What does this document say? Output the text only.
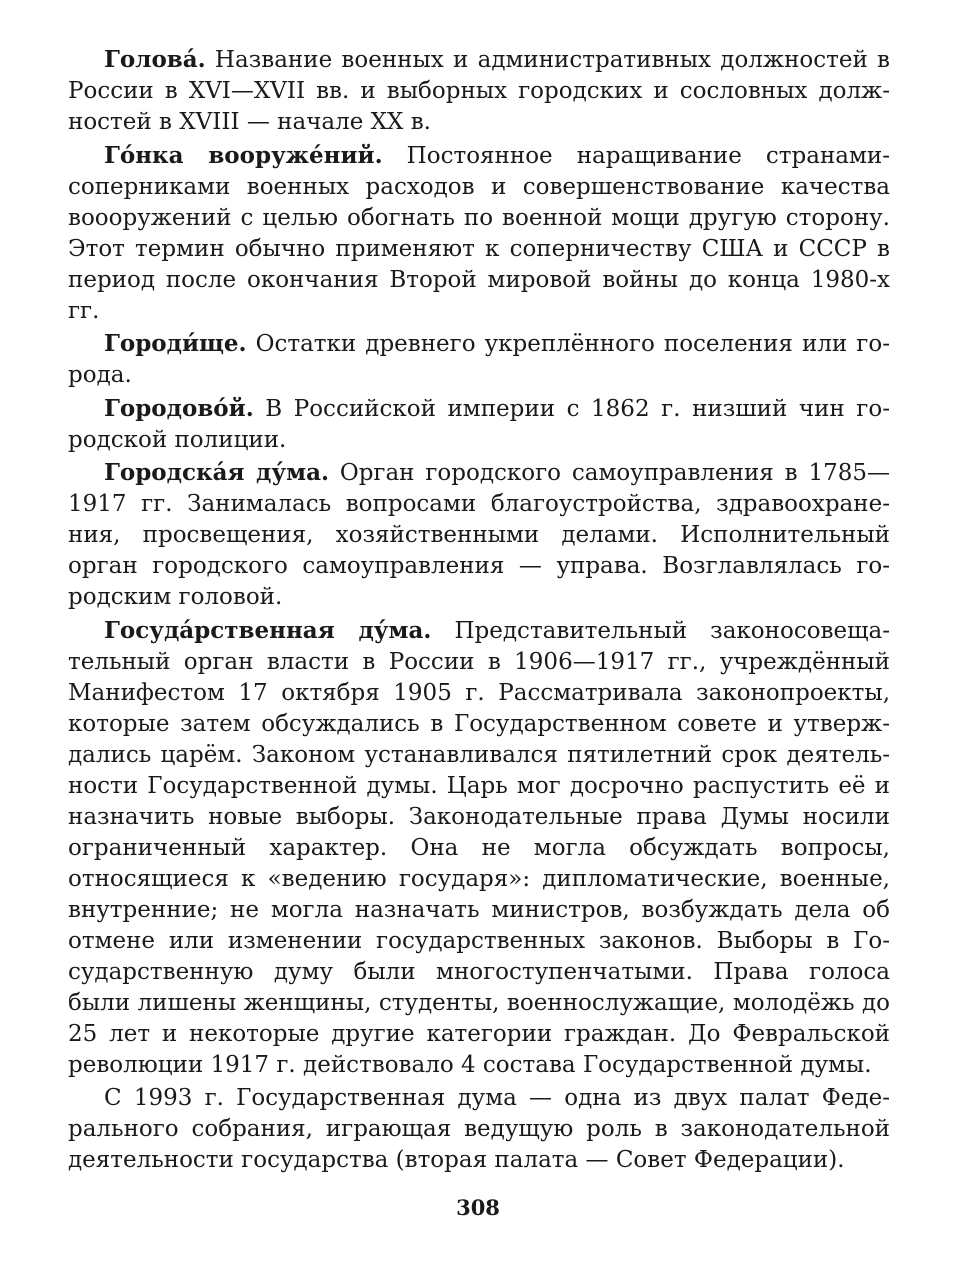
Голова́. Название военных и административных должностей в России в XVI—XVII вв. и выборных городских и сословных должностей в XVIII — начале XX в.

Го́нка вооруже́ний. Постоянное наращивание странами-соперниками военных расходов и совершенствование качества воооружений с целью обогнать по военной мощи другую сторону. Этот термин обычно применяют к соперничеству США и СССР в период после окончания Второй мировой войны до конца 1980-х гг.

Городи́ще. Остатки древнего укреплённого поселения или города.

Городово́й. В Российской империи с 1862 г. низший чин городской полиции.

Городска́я ду́ма. Орган городского самоуправления в 1785—1917 гг. Занималась вопросами благоустройства, здравоохранения, просвещения, хозяйственными делами. Исполнительный орган городского самоуправления — управа. Возглавлялась городским головой.

Госуда́рственная ду́ма. Представительный законосовещательный орган власти в России в 1906—1917 гг., учреждённый Манифестом 17 октября 1905 г. Рассматривала законопроекты, которые затем обсуждались в Государственном совете и утверждались царём. Законом устанавливался пятилетний срок деятельности Государственной думы. Царь мог досрочно распустить её и назначить новые выборы. Законодательные права Думы носили ограниченный характер. Она не могла обсуждать вопросы, относящиеся к «ведению государя»: дипломатические, военные, внутренние; не могла назначать министров, возбуждать дела об отмене или изменении государственных законов. Выборы в Государственную думу были многоступенчатыми. Права голоса были лишены женщины, студенты, военнослужащие, молодёжь до 25 лет и некоторые другие категории граждан. До Февральской революции 1917 г. действовало 4 состава Государственной думы.

С 1993 г. Государственная дума — одна из двух палат Федерального собрания, играющая ведущую роль в законодательной деятельности государства (вторая палата — Совет Федерации).

308
